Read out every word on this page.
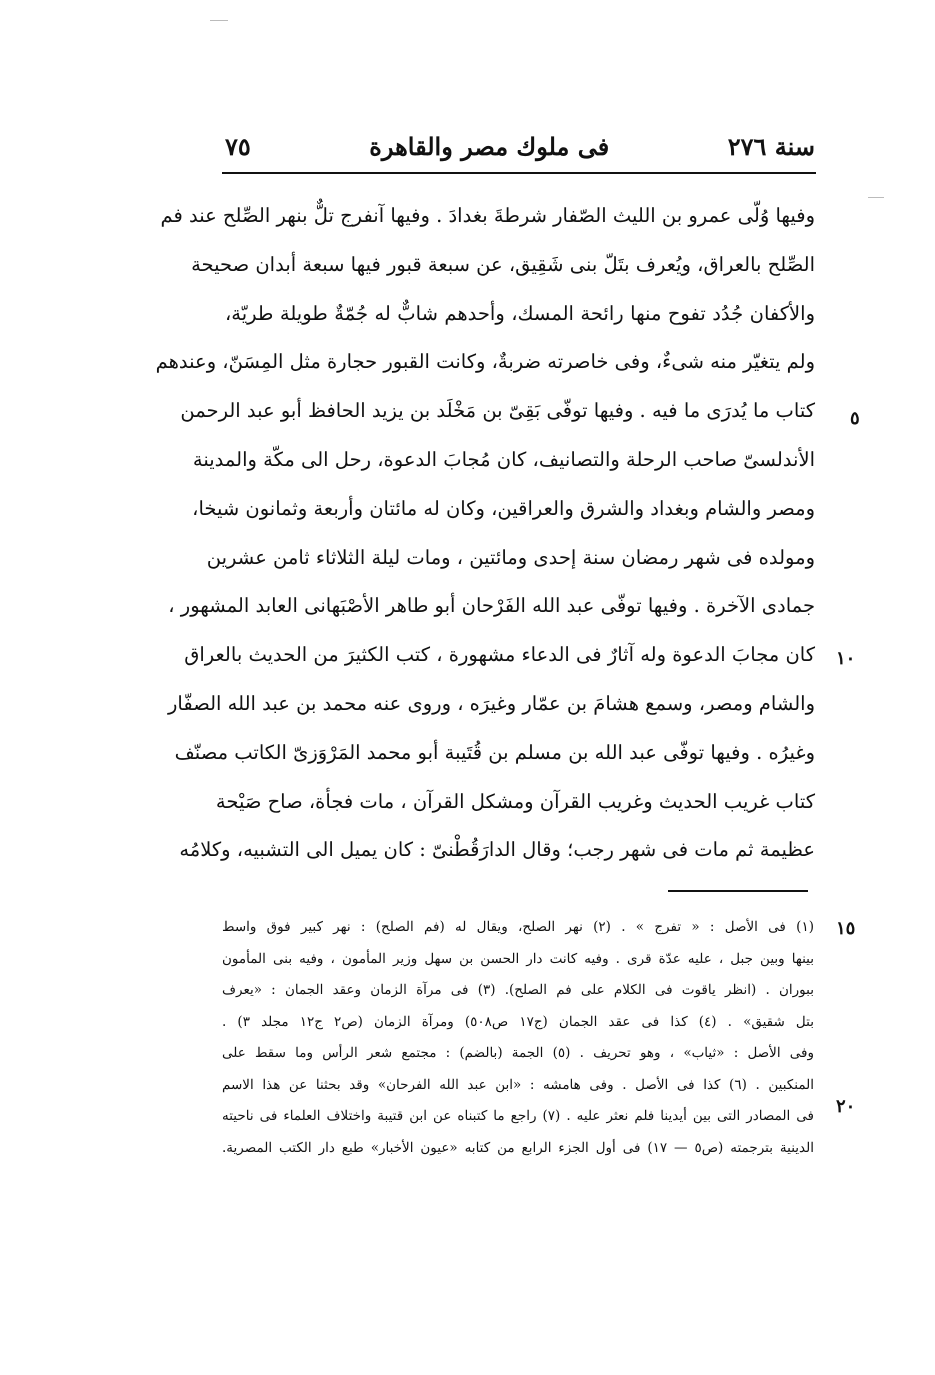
سنة ٢٧٦
فى ملوك مصر والقاهرة
٧٥
وفيها وُلّى عمرو بن الليث الصّفار شرطةَ بغدادَ . وفيها آنفرج تلٌّ بنهر الصِّلح عند فم
الصِّلح بالعراق، ويُعرف بتَلّ بنى شَقِيق، عن سبعة قبور فيها سبعة أبدان صحيحة
والأكفان جُدُد تفوح منها رائحة المسك، وأحدهم شابٌّ له جُمّةٌ طويلة طريّة،
ولم يتغيّر منه شىءٌ، وفى خاصرته ضربةٌ، وكانت القبور حجارة مثل المِسَنّ، وعندهم
كتاب ما يُدرَى ما فيه . وفيها توفّى بَقِىّ بن مَخْلَد بن يزيد الحافظ أبو عبد الرحمن
الأندلسىّ صاحب الرحلة والتصانيف، كان مُجابَ الدعوة، رحل الى مكّة والمدينة
ومصر والشام وبغداد والشرق والعراقين، وكان له مائتان وأربعة وثمانون شيخا،
ومولده فى شهر رمضان سنة إحدى ومائتين ، ومات ليلة الثلاثاء ثامن عشرين
جمادى الآخرة . وفيها توفّى عبد الله الفَرْحان أبو طاهر الأصْبَهانى العابد المشهور ،
كان مجابَ الدعوة وله آثارٌ فى الدعاء مشهورة ، كتب الكثيرَ من الحديث بالعراق
والشام ومصر، وسمع هشامَ بن عمّار وغيرَه ، وروى عنه محمد بن عبد الله الصفّار
وغيرُه . وفيها توفّى عبد الله بن مسلم بن قُتَيبة أبو محمد المَرْوَزىّ الكاتب مصنّف
كتاب غريب الحديث وغريب القرآن ومشكل القرآن ، مات فجأة، صاح صَيْحة
عظيمة ثم مات فى شهر رجب؛ وقال الدارَقُطْنىّ : كان يميل الى التشبيه، وكلامُه
٥
١٠
(١) فى الأصل : « تفرج » . (٢) نهر الصلح، ويقال له (فم الصلح) : نهر كبير فوق واسط
بينها وبين جبل ، عليه عدّة قرى . وفيه كانت دار الحسن بن سهل وزير المأمون ، وفيه بنى المأمون
ببوران . (انظر ياقوت فى الكلام على فم الصلح). (٣) فى مرآة الزمان وعقد الجمان : «يعرف
بتل شقيق» . (٤) كذا فى عقد الجمان (ج١٧ ص٥٠٨) ومرآة الزمان (ص٢ ج١٢ مجلد ٣) .
وفى الأصل : «ثياب» ، وهو تحريف . (٥) الجمة (بالضم) : مجتمع شعر الرأس وما سقط على
المنكبين . (٦) كذا فى الأصل . وفى هامشه : «ابن عبد الله الفرحان» وقد بحثنا عن هذا الاسم
فى المصادر التى بين أيدينا فلم نعثر عليه . (٧) راجع ما كتبناه عن ابن قتيبة واختلاف العلماء فى ناحيته
الدينية بترجمته (ص٥ — ١٧) فى أول الجزء الرابع من كتابه «عيون الأخبار» طبع دار الكتب المصرية.
١٥
٢٠
